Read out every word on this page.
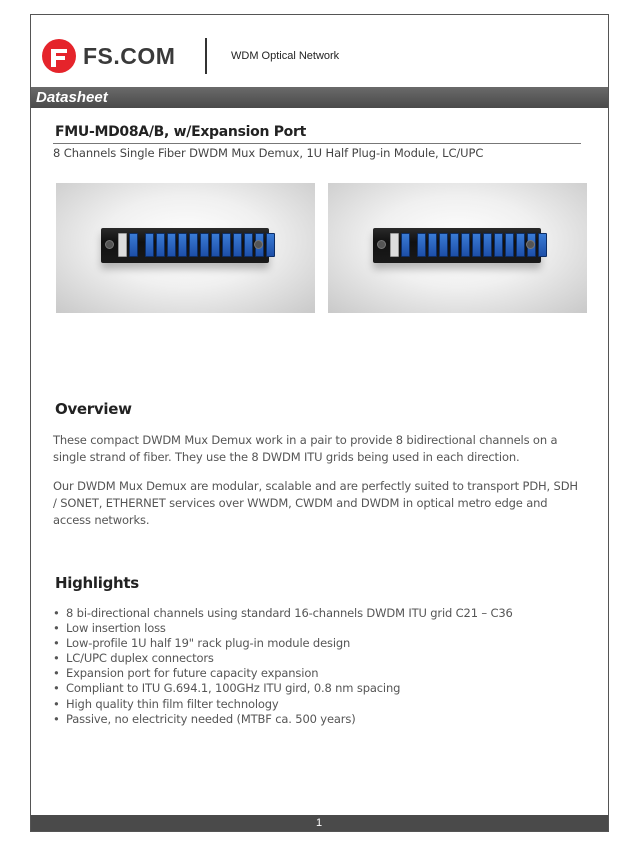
FS.COM	WDM Optical Network
Datasheet
FMU-MD08A/B, w/Expansion Port
8 Channels Single Fiber DWDM Mux Demux, 1U Half Plug-in Module, LC/UPC
Overview
These compact DWDM Mux Demux work in a pair to provide 8 bidirectional channels on a single strand of fiber. They use the 8 DWDM ITU grids being used in each direction.
Our DWDM Mux Demux are modular, scalable and are perfectly suited to transport PDH, SDH / SONET, ETHERNET services over WWDM, CWDM and DWDM in optical metro edge and access networks.
Highlights
• 8 bi-directional channels using standard 16-channels DWDM ITU grid C21 – C36
• Low insertion loss
• Low-profile 1U half 19" rack plug-in module design
• LC/UPC duplex connectors
• Expansion port for future capacity expansion
• Compliant to ITU G.694.1, 100GHz ITU gird, 0.8 nm spacing
• High quality thin film filter technology
• Passive, no electricity needed (MTBF ca. 500 years)
1
